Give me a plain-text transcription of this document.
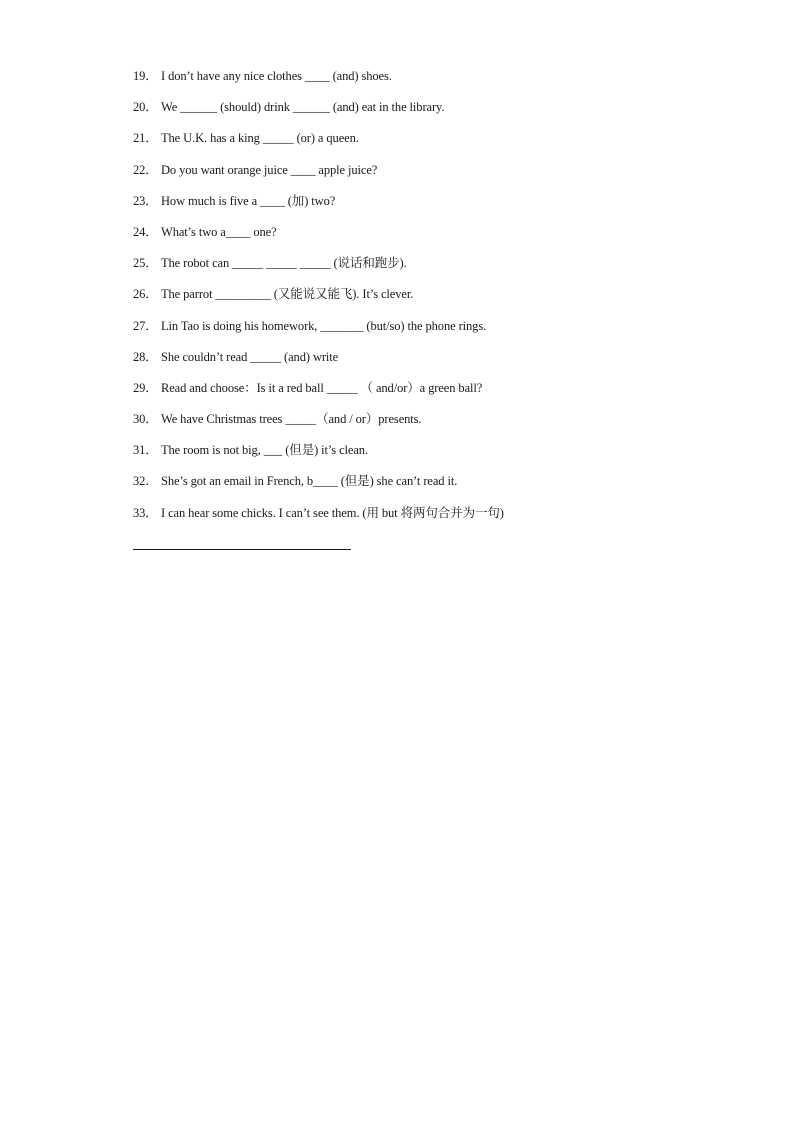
19． I don’t have any nice clothes ____ (and) shoes.
20． We ______ (should) drink ______ (and) eat in the library.
21． The U.K. has a king _____ (or) a queen.
22． Do you want orange juice ____ apple juice?
23． How much is five a ____ (加) two?
24． What’s two a____ one?
25． The robot can _____ _____ _____ (说话和跑步).
26． The parrot _________ (又能说又能飞). It’s clever.
27． Lin Tao is doing his homework, _______ (but/so) the phone rings.
28． She couldn’t read _____ (and) write
29． Read and choose：Is it a red ball _____ （ and/or）a green ball?
30． We have Christmas trees _____（and / or）presents.
31． The room is not big, ___ (但是) it’s clean.
32． She’s got an email in French, b____ (但是) she can’t read it.
33． I can hear some chicks. I can’t see them. (用 but 将两句合并为一句)
